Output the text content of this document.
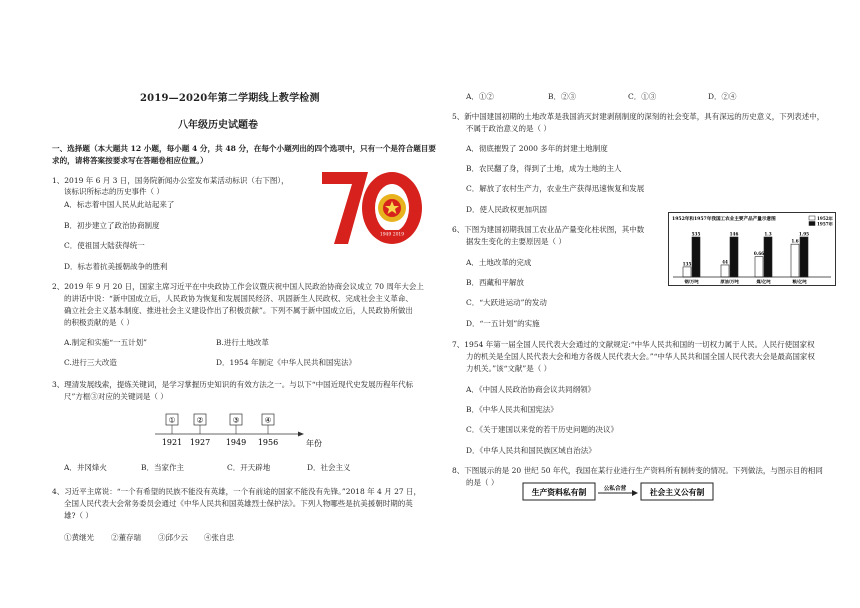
2019—2020年第二学期线上教学检测
八年级历史试题卷
一、选择题（本大题共 12 小题，每小题 4 分，共 48 分，在每个小题列出的四个选项中，只有一个是符合题目要求的，请将答案按要求写在答题卷相应位置。）
1949 2019
1、2019 年 6 月 3 日，国务院新闻办公室发布某活动标识（右下图），
该标识所标志的历史事件（ ）
A．标志着中国人民从此站起来了
B．初步建立了政治协商制度
C．使祖国大陆获得统一
D．标志着抗美援朝战争的胜利
2、2019 年 9 月 20 日，国家主席习近平在中央政协工作会议暨庆祝中国人民政治协商会议成立 70 周年大会上
的讲话中说：“新中国成立后，人民政协为恢复和发展国民经济、巩固新生人民政权、完成社会主义革命、
确立社会主义基本制度、推进社会主义建设作出了积极贡献”。下列不属于新中国成立后，人民政协所做出
的积极贡献的是（ ）
A.制定和实施“一五计划”	B.进行土地改革
C.进行三大改造	D．1954 年制定《中华人民共和国宪法》
3、理清发展线索，提炼关键词，是学习掌握历史知识的有效方法之一。与以下“中国近现代史发展历程年代标
尺”方框③对应的关键词是（ ）
①
1921
②
1927
③
1949
④
1956	年份
A．井冈烽火	B．当家作主	C．开天辟地	D．社会主义
4、习近平主席说：“一个有希望的民族不能没有英雄，一个有前途的国家不能没有先锋。”2018 年 4 月 27 日，
全国人民代表大会常务委员会通过《中华人民共和国英雄烈士保护法》。下列人物哪些是抗美援朝时期的英
雄?（ ）
①黄继光 ②董存瑞 ③邱少云 ④张自忠
A．①②	B．②③	C．①③	D．②④
5、新中国建国初期的土地改革是我国消灭封建剥削制度的深刻的社会变革，具有深远的历史意义，下列表述中，
不属于政治意义的是（ ）
A．彻底摧毁了 2000 多年的封建土地制度
B．农民翻了身，得到了土地，成为土地的主人
C．解放了农村生产力，农业生产获得迅速恢复和发展
D．使人民政权更加巩固
6、下图为建国初期我国工农业品产量变化柱状图，其中数
据发生变化的主要原因是（ ）
A．土地改革的完成
B．西藏和平解放
C．“大跃进运动”的发动
D．“一五计划”的实施
1952年和1957年我国工农业主要产品产量示意图	1952年
1957年
135
535
钢/万吨
44
146
原油/万吨
0.66
1.3
煤/亿吨
1.6
1.95
粮/亿吨
7、1954 年第一届全国人民代表大会通过的文献规定:“中华人民共和国的一切权力属于人民。人民行使国家权
力的机关是全国人民代表大会和地方各级人民代表大会。”“中华人民共和国全国人民代表大会是最高国家权
力机关。”该“文献”是（ ）
A．《中国人民政治协商会议共同纲领》
B．《中华人民共和国宪法》
C．《关于建国以来党的若干历史问题的决议》
D．《中华人民共和国民族区域自治法》
8、下图展示的是 20 世纪 50 年代，我国在某行业进行生产资料所有制转变的情况。下列做法，与图示目的相同
的是（ ）
生产资料私有制	公私合营	社会主义公有制
